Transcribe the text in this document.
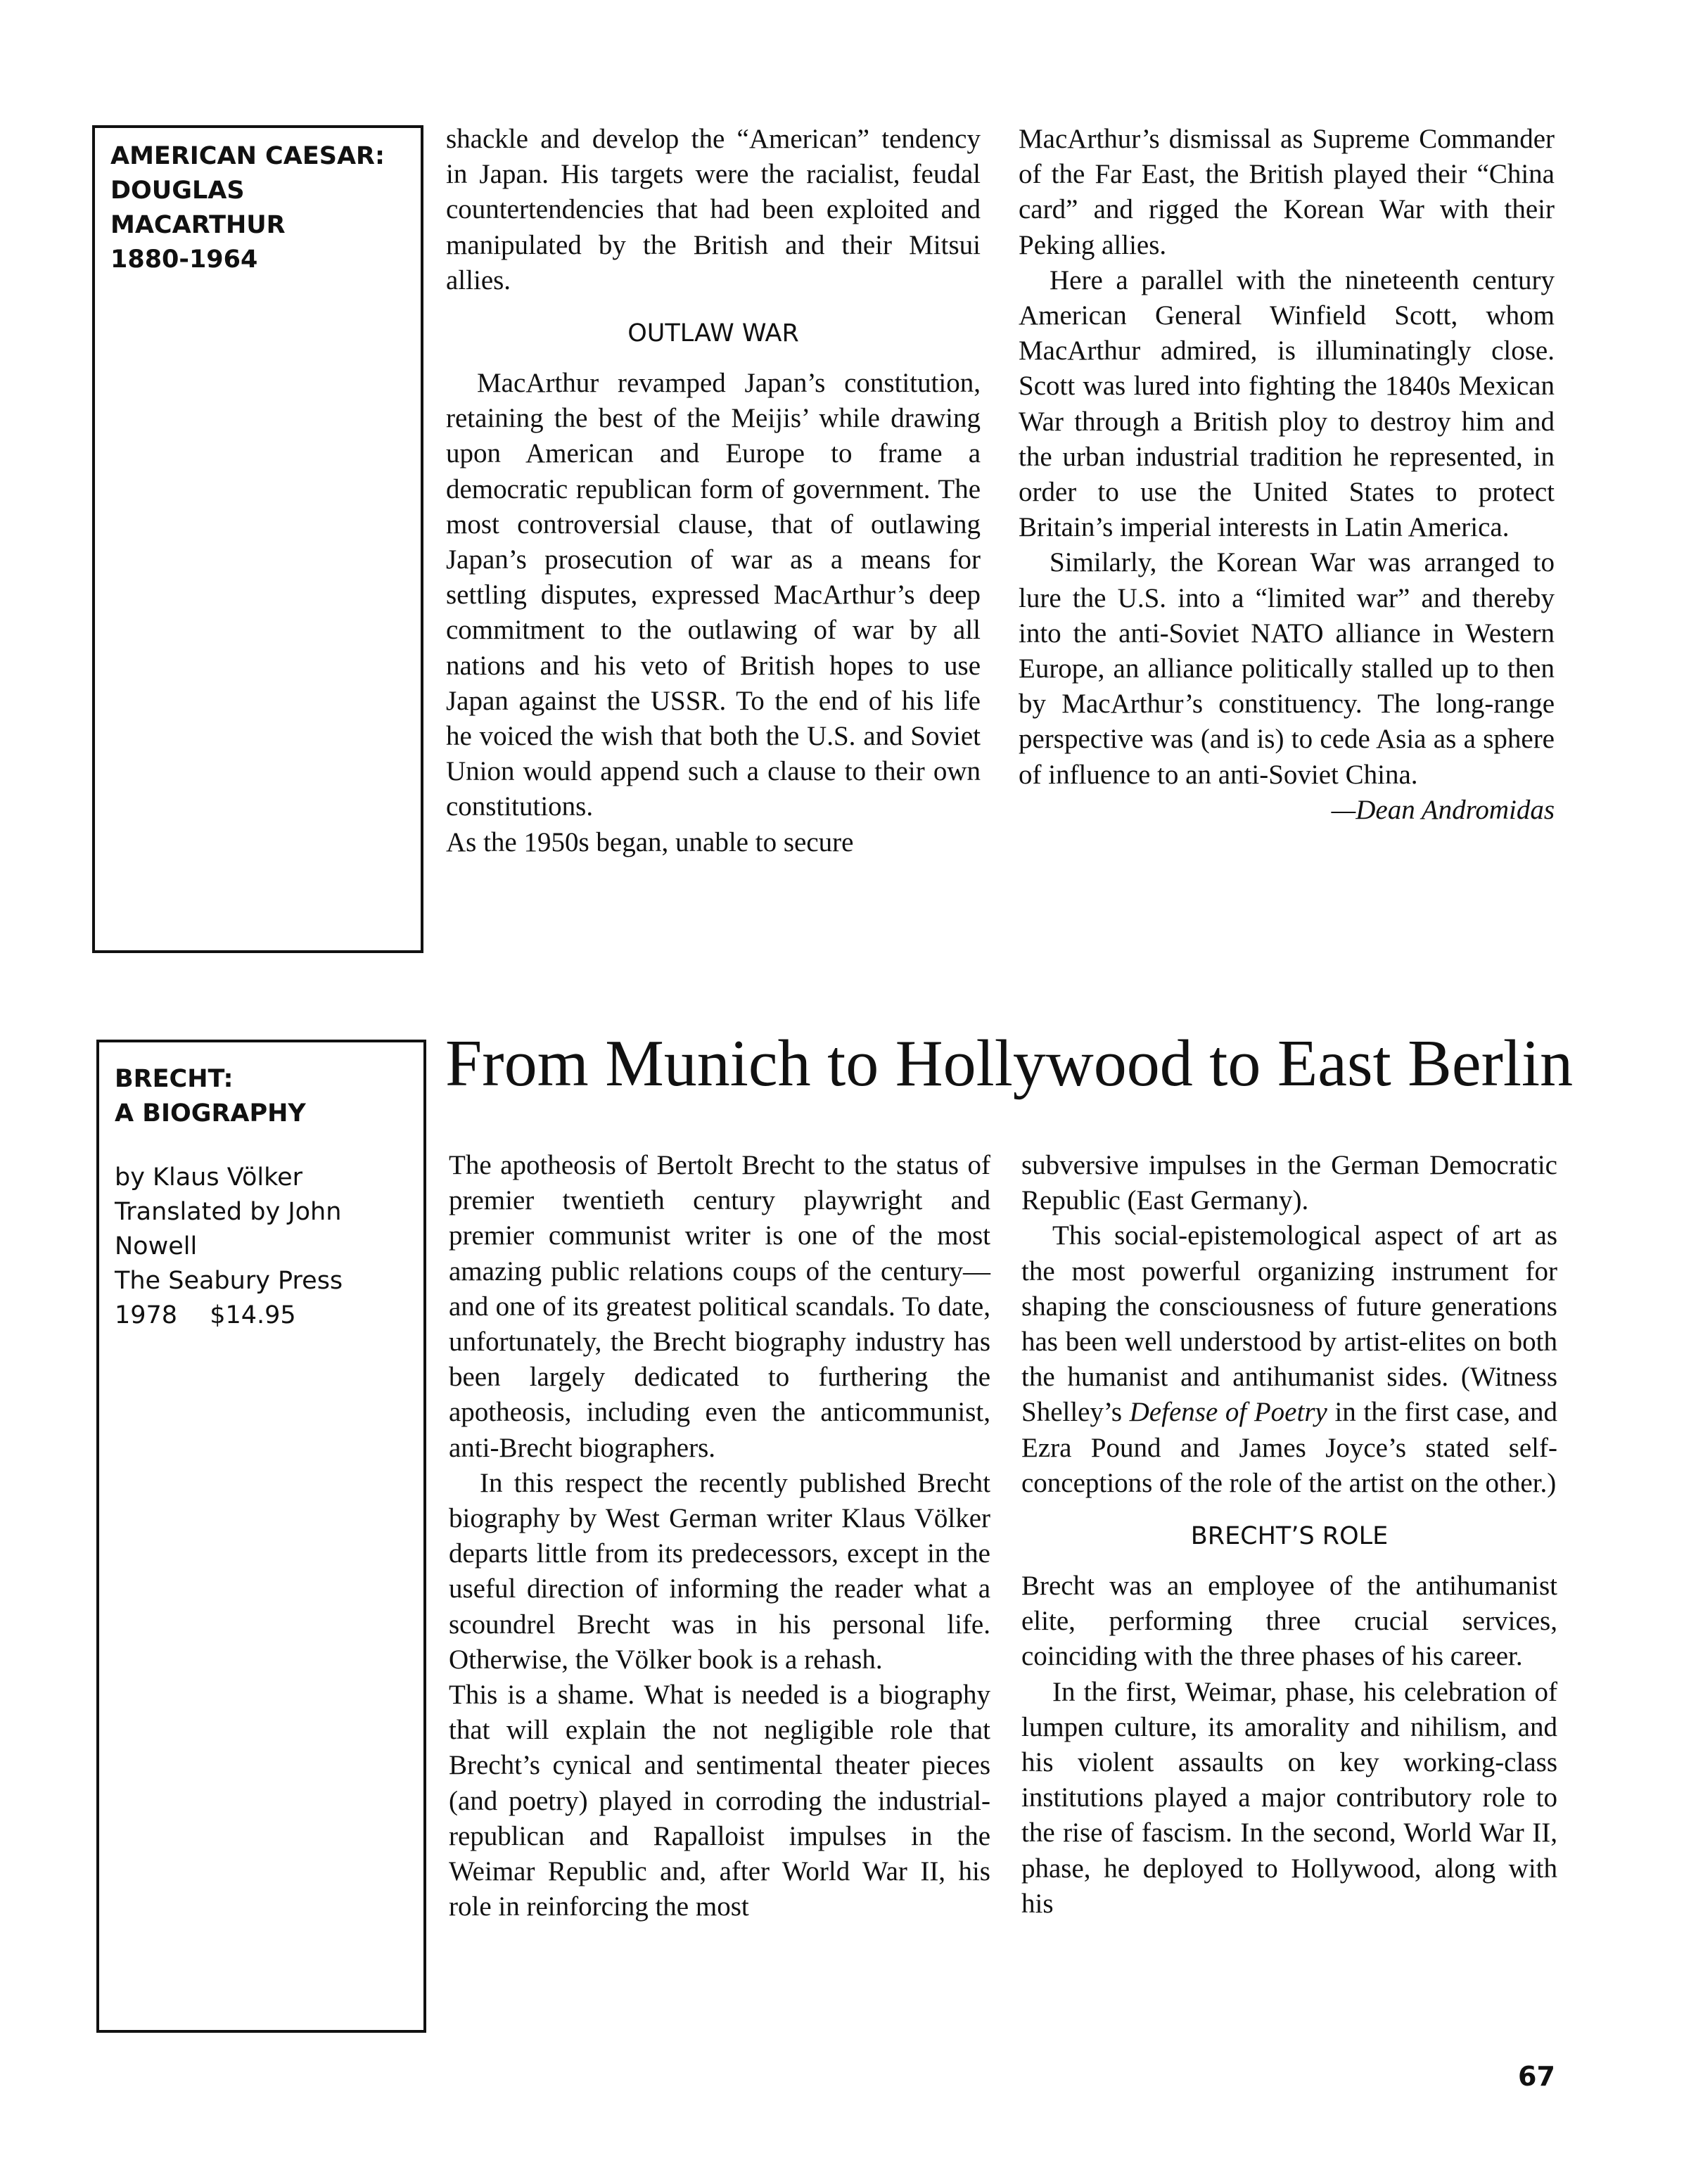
AMERICAN CAESAR:
DOUGLAS
MACARTHUR
1880-1964

shackle and develop the “American” tendency in Japan. His targets were the racialist, feudal countertendencies that had been exploited and manipulated by the British and their Mitsui allies.

OUTLAW WAR

MacArthur revamped Japan’s constitution, retaining the best of the Meijis’ while drawing upon American and Europe to frame a democratic republican form of government. The most controversial clause, that of outlawing Japan’s prosecution of war as a means for settling disputes, expressed MacArthur’s deep commitment to the outlawing of war by all nations and his veto of British hopes to use Japan against the USSR. To the end of his life he voiced the wish that both the U.S. and Soviet Union would append such a clause to their own constitutions.

As the 1950s began, unable to secure

MacArthur’s dismissal as Supreme Commander of the Far East, the British played their “China card” and rigged the Korean War with their Peking allies.

Here a parallel with the nineteenth century American General Winfield Scott, whom MacArthur admired, is illuminatingly close. Scott was lured into fighting the 1840s Mexican War through a British ploy to destroy him and the urban industrial tradition he represented, in order to use the United States to protect Britain’s imperial interests in Latin America.

Similarly, the Korean War was arranged to lure the U.S. into a “limited war” and thereby into the anti-Soviet NATO alliance in Western Europe, an alliance politically stalled up to then by MacArthur’s constituency. The long-range perspective was (and is) to cede Asia as a sphere of influence to an anti-Soviet China.

—Dean Andromidas

BRECHT:
A BIOGRAPHY
by Klaus Völker
Translated by John
Nowell
The Seabury Press
1978  $14.95
From Munich to Hollywood to East Berlin

The apotheosis of Bertolt Brecht to the status of premier twentieth century playwright and premier communist writer is one of the most amazing public relations coups of the century—and one of its greatest political scandals. To date, unfortunately, the Brecht biography industry has been largely dedicated to furthering the apotheosis, including even the anticommunist, anti-Brecht biographers.

In this respect the recently published Brecht biography by West German writer Klaus Völker departs little from its predecessors, except in the useful direction of informing the reader what a scoundrel Brecht was in his personal life. Otherwise, the Völker book is a rehash.

This is a shame. What is needed is a biography that will explain the not negligible role that Brecht’s cynical and sentimental theater pieces (and poetry) played in corroding the industrial-republican and Rapalloist impulses in the Weimar Republic and, after World War II, his role in reinforcing the most

subversive impulses in the German Democratic Republic (East Germany).

This social-epistemological aspect of art as the most powerful organizing instrument for shaping the consciousness of future generations has been well understood by artist-elites on both the humanist and antihumanist sides. (Witness Shelley’s Defense of Poetry in the first case, and Ezra Pound and James Joyce’s stated self-conceptions of the role of the artist on the other.)

BRECHT’S ROLE

Brecht was an employee of the antihumanist elite, performing three crucial services, coinciding with the three phases of his career.

In the first, Weimar, phase, his celebration of lumpen culture, its amorality and nihilism, and his violent assaults on key working-class institutions played a major contributory role to the rise of fascism. In the second, World War II, phase, he deployed to Hollywood, along with his

67
